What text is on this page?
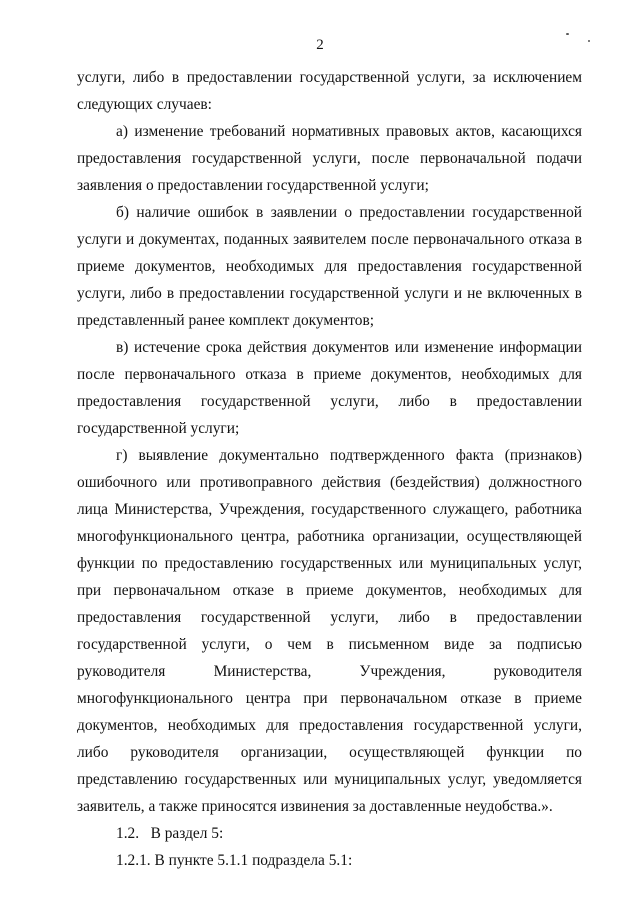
2

услуги, либо в предоставлении государственной услуги, за исключением следующих случаев:

а) изменение требований нормативных правовых актов, касающихся предоставления государственной услуги, после первоначальной подачи заявления о предоставлении государственной услуги;

б) наличие ошибок в заявлении о предоставлении государственной услуги и документах, поданных заявителем после первоначального отказа в приеме документов, необходимых для предоставления государственной услуги, либо в предоставлении государственной услуги и не включенных в представленный ранее комплект документов;

в) истечение срока действия документов или изменение информации после первоначального отказа в приеме документов, необходимых для предоставления государственной услуги, либо в предоставлении государственной услуги;

г) выявление документально подтвержденного факта (признаков) ошибочного или противоправного действия (бездействия) должностного лица Министерства, Учреждения, государственного служащего, работника многофункционального центра, работника организации, осуществляющей функции по предоставлению государственных или муниципальных услуг, при первоначальном отказе в приеме документов, необходимых для предоставления государственной услуги, либо в предоставлении государственной услуги, о чем в письменном виде за подписью руководителя Министерства, Учреждения, руководителя многофункционального центра при первоначальном отказе в приеме документов, необходимых для предоставления государственной услуги, либо руководителя организации, осуществляющей функции по представлению государственных или муниципальных услуг, уведомляется заявитель, а также приносятся извинения за доставленные неудобства.».

1.2.   В раздел 5:

1.2.1. В пункте 5.1.1 подраздела 5.1:
